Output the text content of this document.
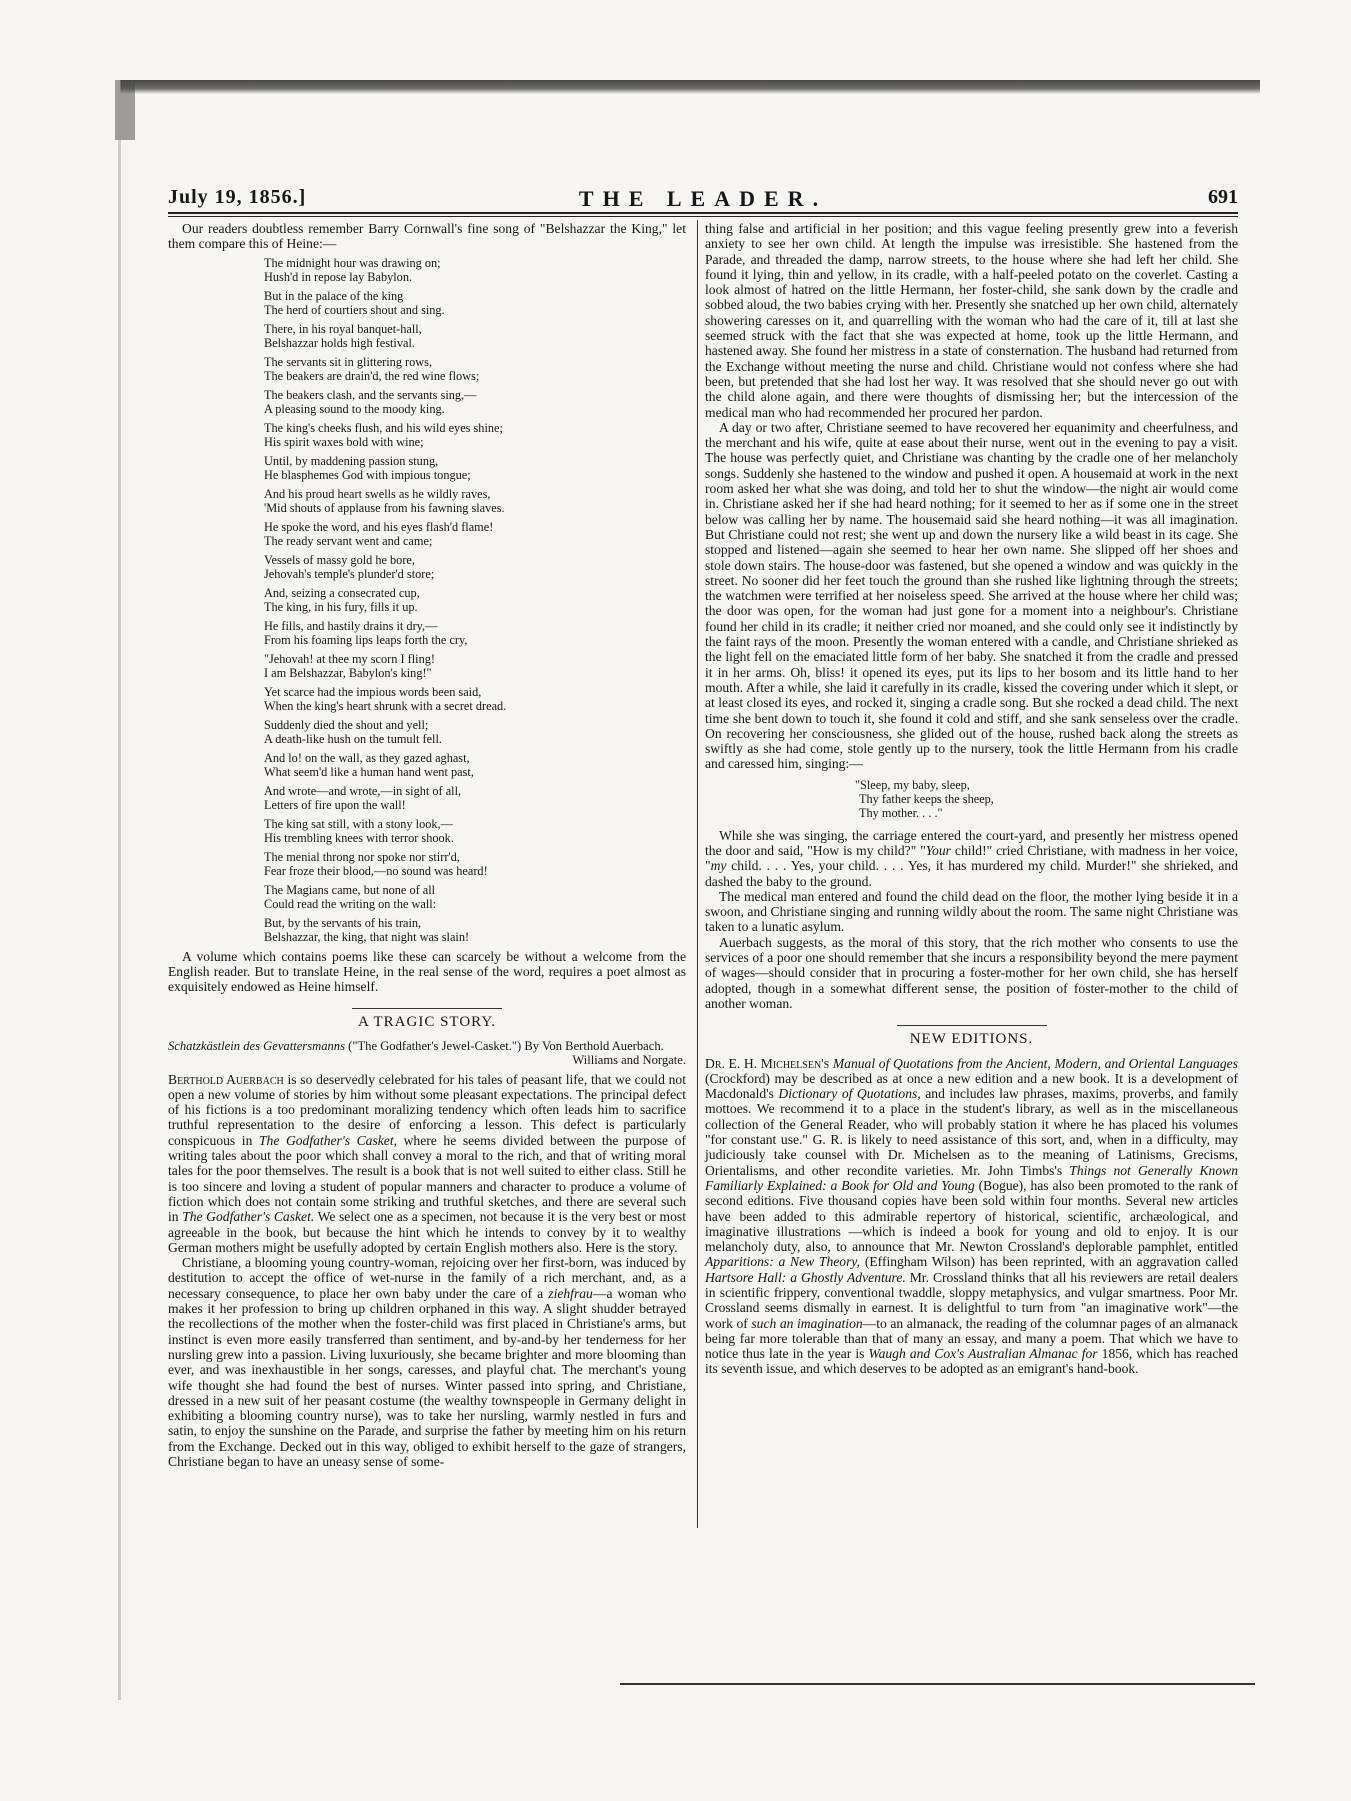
July 19, 1856.]	THE LEADER.	691

Our readers doubtless remember Barry Cornwall's fine song of "Belshazzar the King," let them compare this of Heine:—

The midnight hour was drawing on;
Hush'd in repose lay Babylon.
But in the palace of the king
The herd of courtiers shout and sing.
There, in his royal banquet-hall,
Belshazzar holds high festival.
The servants sit in glittering rows,
The beakers are drain'd, the red wine flows;
The beakers clash, and the servants sing,—
A pleasing sound to the moody king.
The king's cheeks flush, and his wild eyes shine;
His spirit waxes bold with wine;
Until, by maddening passion stung,
He blasphemes God with impious tongue;
And his proud heart swells as he wildly raves,
'Mid shouts of applause from his fawning slaves.
He spoke the word, and his eyes flash'd flame!
The ready servant went and came;
Vessels of massy gold he bore,
Jehovah's temple's plunder'd store;
And, seizing a consecrated cup,
The king, in his fury, fills it up.
He fills, and hastily drains it dry,—
From his foaming lips leaps forth the cry,
"Jehovah! at thee my scorn I fling!
I am Belshazzar, Babylon's king!"
Yet scarce had the impious words been said,
When the king's heart shrunk with a secret dread.
Suddenly died the shout and yell;
A death-like hush on the tumult fell.
And lo! on the wall, as they gazed aghast,
What seem'd like a human hand went past,
And wrote—and wrote,—in sight of all,
Letters of fire upon the wall!
The king sat still, with a stony look,—
His trembling knees with terror shook.
The menial throng nor spoke nor stirr'd,
Fear froze their blood,—no sound was heard!
The Magians came, but none of all
Could read the writing on the wall:
But, by the servants of his train,
Belshazzar, the king, that night was slain!

A volume which contains poems like these can scarcely be without a welcome from the English reader. But to translate Heine, in the real sense of the word, requires a poet almost as exquisitely endowed as Heine himself.

A TRAGIC STORY.
Schatzkästlein des Gevattersmanns ("The Godfather's Jewel-Casket.") By Von Berthold Auerbach.
Williams and Norgate.

Berthold Auerbach is so deservedly celebrated for his tales of peasant life, that we could not open a new volume of stories by him without some pleasant expectations. The principal defect of his fictions is a too predominant moralizing tendency which often leads him to sacrifice truthful representation to the desire of enforcing a lesson. This defect is particularly conspicuous in The Godfather's Casket, where he seems divided between the purpose of writing tales about the poor which shall convey a moral to the rich, and that of writing moral tales for the poor themselves. The result is a book that is not well suited to either class. Still he is too sincere and loving a student of popular manners and character to produce a volume of fiction which does not contain some striking and truthful sketches, and there are several such in The Godfather's Casket. We select one as a specimen, not because it is the very best or most agreeable in the book, but because the hint which he intends to convey by it to wealthy German mothers might be usefully adopted by certain English mothers also. Here is the story.

Christiane, a blooming young country-woman, rejoicing over her first-born, was induced by destitution to accept the office of wet-nurse in the family of a rich merchant, and, as a necessary consequence, to place her own baby under the care of a ziehfrau—a woman who makes it her profession to bring up children orphaned in this way. A slight shudder betrayed the recollections of the mother when the foster-child was first placed in Christiane's arms, but instinct is even more easily transferred than sentiment, and by-and-by her tenderness for her nursling grew into a passion. Living luxuriously, she became brighter and more blooming than ever, and was inexhaustible in her songs, caresses, and playful chat. The merchant's young wife thought she had found the best of nurses. Winter passed into spring, and Christiane, dressed in a new suit of her peasant costume (the wealthy townspeople in Germany delight in exhibiting a blooming country nurse), was to take her nursling, warmly nestled in furs and satin, to enjoy the sunshine on the Parade, and surprise the father by meeting him on his return from the Exchange. Decked out in this way, obliged to exhibit herself to the gaze of strangers, Christiane began to have an uneasy sense of some-

thing false and artificial in her position; and this vague feeling presently grew into a feverish anxiety to see her own child. At length the impulse was irresistible. She hastened from the Parade, and threaded the damp, narrow streets, to the house where she had left her child. She found it lying, thin and yellow, in its cradle, with a half-peeled potato on the coverlet. Casting a look almost of hatred on the little Hermann, her foster-child, she sank down by the cradle and sobbed aloud, the two babies crying with her. Presently she snatched up her own child, alternately showering caresses on it, and quarrelling with the woman who had the care of it, till at last she seemed struck with the fact that she was expected at home, took up the little Hermann, and hastened away. She found her mistress in a state of consternation. The husband had returned from the Exchange without meeting the nurse and child. Christiane would not confess where she had been, but pretended that she had lost her way. It was resolved that she should never go out with the child alone again, and there were thoughts of dismissing her; but the intercession of the medical man who had recommended her procured her pardon.

A day or two after, Christiane seemed to have recovered her equanimity and cheerfulness, and the merchant and his wife, quite at ease about their nurse, went out in the evening to pay a visit. The house was perfectly quiet, and Christiane was chanting by the cradle one of her melancholy songs. Suddenly she hastened to the window and pushed it open. A housemaid at work in the next room asked her what she was doing, and told her to shut the window—the night air would come in. Christiane asked her if she had heard nothing; for it seemed to her as if some one in the street below was calling her by name. The housemaid said she heard nothing—it was all imagination. But Christiane could not rest; she went up and down the nursery like a wild beast in its cage. She stopped and listened—again she seemed to hear her own name. She slipped off her shoes and stole down stairs. The house-door was fastened, but she opened a window and was quickly in the street. No sooner did her feet touch the ground than she rushed like lightning through the streets; the watchmen were terrified at her noiseless speed. She arrived at the house where her child was; the door was open, for the woman had just gone for a moment into a neighbour's. Christiane found her child in its cradle; it neither cried nor moaned, and she could only see it indistinctly by the faint rays of the moon. Presently the woman entered with a candle, and Christiane shrieked as the light fell on the emaciated little form of her baby. She snatched it from the cradle and pressed it in her arms. Oh, bliss! it opened its eyes, put its lips to her bosom and its little hand to her mouth. After a while, she laid it carefully in its cradle, kissed the covering under which it slept, or at least closed its eyes, and rocked it, singing a cradle song. But she rocked a dead child. The next time she bent down to touch it, she found it cold and stiff, and she sank senseless over the cradle. On recovering her consciousness, she glided out of the house, rushed back along the streets as swiftly as she had come, stole gently up to the nursery, took the little Hermann from his cradle and caressed him, singing:—

"Sleep, my baby, sleep,
Thy father keeps the sheep,
Thy mother. . . ."

While she was singing, the carriage entered the court-yard, and presently her mistress opened the door and said, "How is my child?" "Your child!" cried Christiane, with madness in her voice, "my child. . . . Yes, your child. . . . Yes, it has murdered my child. Murder!" she shrieked, and dashed the baby to the ground.

The medical man entered and found the child dead on the floor, the mother lying beside it in a swoon, and Christiane singing and running wildly about the room. The same night Christiane was taken to a lunatic asylum.

Auerbach suggests, as the moral of this story, that the rich mother who consents to use the services of a poor one should remember that she incurs a responsibility beyond the mere payment of wages—should consider that in procuring a foster-mother for her own child, she has herself adopted, though in a somewhat different sense, the position of foster-mother to the child of another woman.

NEW EDITIONS.

Dr. E. H. Michelsen's Manual of Quotations from the Ancient, Modern, and Oriental Languages (Crockford) may be described as at once a new edition and a new book. It is a development of Macdonald's Dictionary of Quotations, and includes law phrases, maxims, proverbs, and family mottoes. We recommend it to a place in the student's library, as well as in the miscellaneous collection of the General Reader, who will probably station it where he has placed his volumes "for constant use." G. R. is likely to need assistance of this sort, and, when in a difficulty, may judiciously take counsel with Dr. Michelsen as to the meaning of Latinisms, Grecisms, Orientalisms, and other recondite varieties. Mr. John Timbs's Things not Generally Known Familiarly Explained: a Book for Old and Young (Bogue), has also been promoted to the rank of second editions. Five thousand copies have been sold within four months. Several new articles have been added to this admirable repertory of historical, scientific, archæological, and imaginative illustrations —which is indeed a book for young and old to enjoy. It is our melancholy duty, also, to announce that Mr. Newton Crossland's deplorable pamphlet, entitled Apparitions: a New Theory, (Effingham Wilson) has been reprinted, with an aggravation called Hartsore Hall: a Ghostly Adventure. Mr. Crossland thinks that all his reviewers are retail dealers in scientific frippery, conventional twaddle, sloppy metaphysics, and vulgar smartness. Poor Mr. Crossland seems dismally in earnest. It is delightful to turn from "an imaginative work"—the work of such an imagination—to an almanack, the reading of the columnar pages of an almanack being far more tolerable than that of many an essay, and many a poem. That which we have to notice thus late in the year is Waugh and Cox's Australian Almanac for 1856, which has reached its seventh issue, and which deserves to be adopted as an emigrant's hand-book.
